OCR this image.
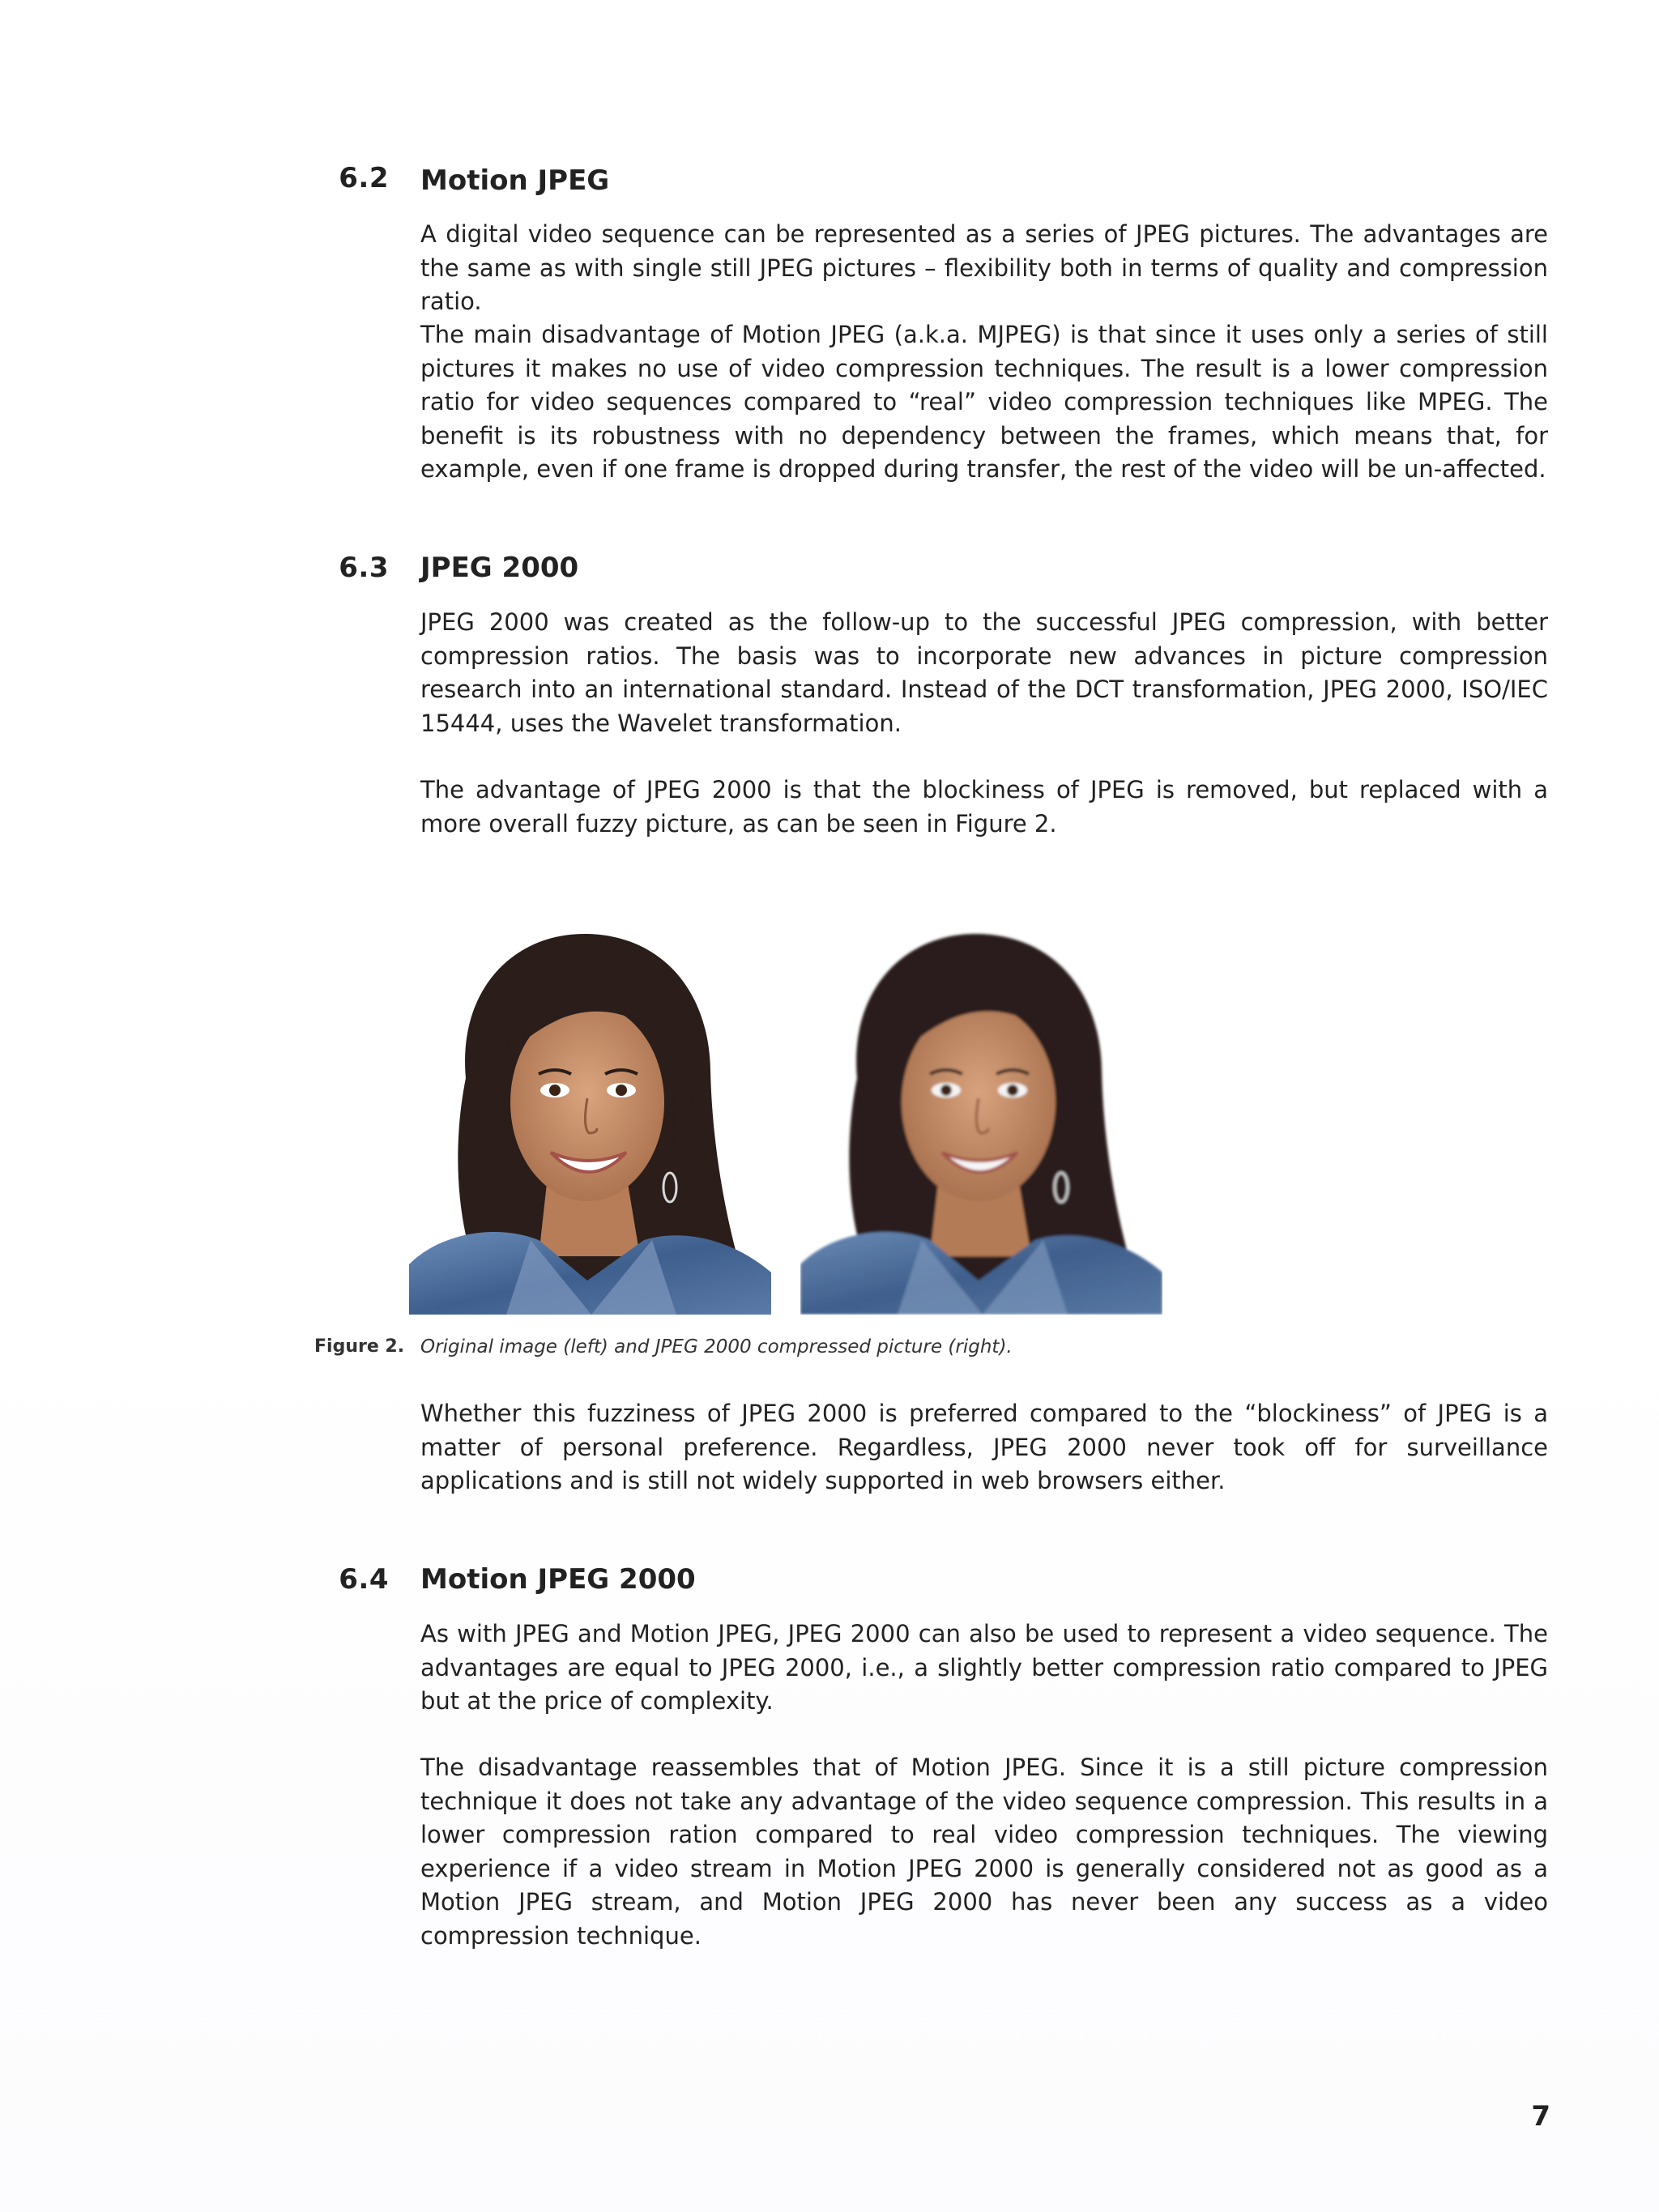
6.2 Motion JPEG

A digital video sequence can be represented as a series of JPEG pictures. The advantages are the same as with single still JPEG pictures – flexibility both in terms of quality and compression ratio.

The main disadvantage of Motion JPEG (a.k.a. MJPEG) is that since it uses only a series of still pictures it makes no use of video compression techniques. The result is a lower compression ratio for video sequences compared to “real” video compression techniques like MPEG. The benefit is its robustness with no dependency between the frames, which means that, for example, even if one frame is dropped during transfer, the rest of the video will be un-affected.

6.3 JPEG 2000

JPEG 2000 was created as the follow-up to the successful JPEG compression, with better compression ratios. The basis was to incorporate new advances in picture compression research into an international standard. Instead of the DCT transformation, JPEG 2000, ISO/IEC 15444, uses the Wavelet transformation.

The advantage of JPEG 2000 is that the blockiness of JPEG is removed, but replaced with a more overall fuzzy picture, as can be seen in Figure 2.

Figure 2. Original image (left) and JPEG 2000 compressed picture (right).

Whether this fuzziness of JPEG 2000 is preferred compared to the “blockiness” of JPEG is a matter of personal preference. Regardless, JPEG 2000 never took off for surveillance applications and is still not widely supported in web browsers either.

6.4 Motion JPEG 2000

As with JPEG and Motion JPEG, JPEG 2000 can also be used to represent a video sequence. The advantages are equal to JPEG 2000, i.e., a slightly better compression ratio compared to JPEG but at the price of complexity.

The disadvantage reassembles that of Motion JPEG. Since it is a still picture compression technique it does not take any advantage of the video sequence compression. This results in a lower compression ration compared to real video compression techniques. The viewing experience if a video stream in Motion JPEG 2000 is generally considered not as good as a Motion JPEG stream, and Motion JPEG 2000 has never been any success as a video compression technique.

7
